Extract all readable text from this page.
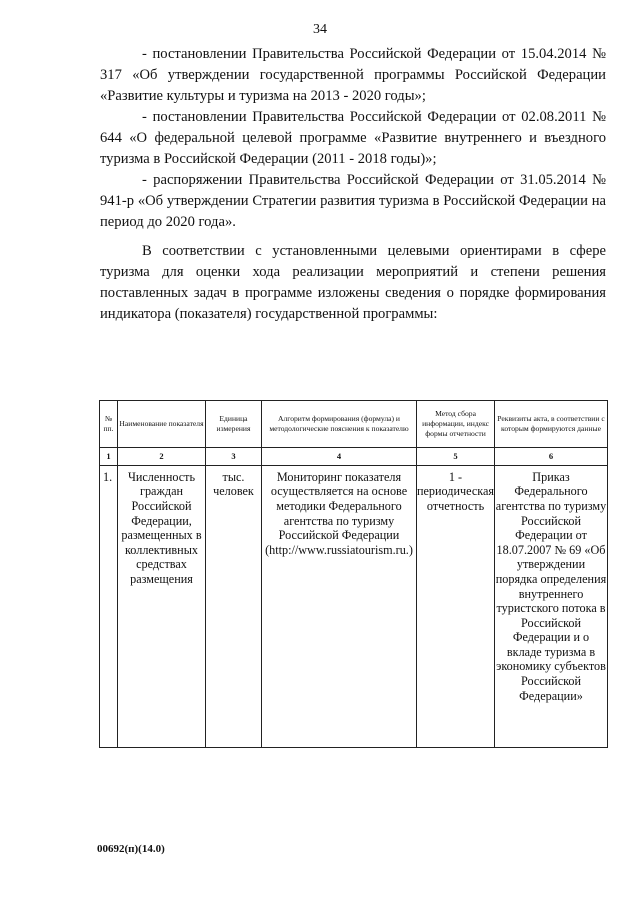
34

- постановлении Правительства Российской Федерации от 15.04.2014 № 317 «Об утверждении государственной программы Российской Федерации «Развитие культуры и туризма на 2013 - 2020 годы»;

- постановлении Правительства Российской Федерации от 02.08.2011 № 644 «О федеральной целевой программе «Развитие внутреннего и въездного туризма в Российской Федерации (2011 - 2018 годы)»;

- распоряжении Правительства Российской Федерации от 31.05.2014 № 941-р «Об утверждении Стратегии развития туризма в Российской Федерации на период до 2020 года».

В соответствии с установленными целевыми ориентирами в сфере туризма для оценки хода реализации мероприятий и степени решения поставленных задач в программе изложены сведения о порядке формирования индикатора (показателя) государственной программы:

№ пп.	Наименование показателя	Единица измерения	Алгоритм формирования (формула) и методологические пояснения к показателю	Метод сбора информации, индекс формы отчетности	Реквизиты акта, в соответствии с которым формируются данные
1	2	3	4	5	6
1.	Численность граждан Российской Федерации, размещенных в коллективных средствах размещения	тыс. человек	Мониторинг показателя осуществляется на основе методики Федерального агентства по туризму Российской Федерации (http://www.russiatourism.ru.)	1 - периодическая отчетность	Приказ Федерального агентства по туризму Российской Федерации от 18.07.2007 № 69 «Об утверждении порядка определения внутреннего туристского потока в Российской Федерации и о вкладе туризма в экономику субъектов Российской Федерации»
00692(п)(14.0)
